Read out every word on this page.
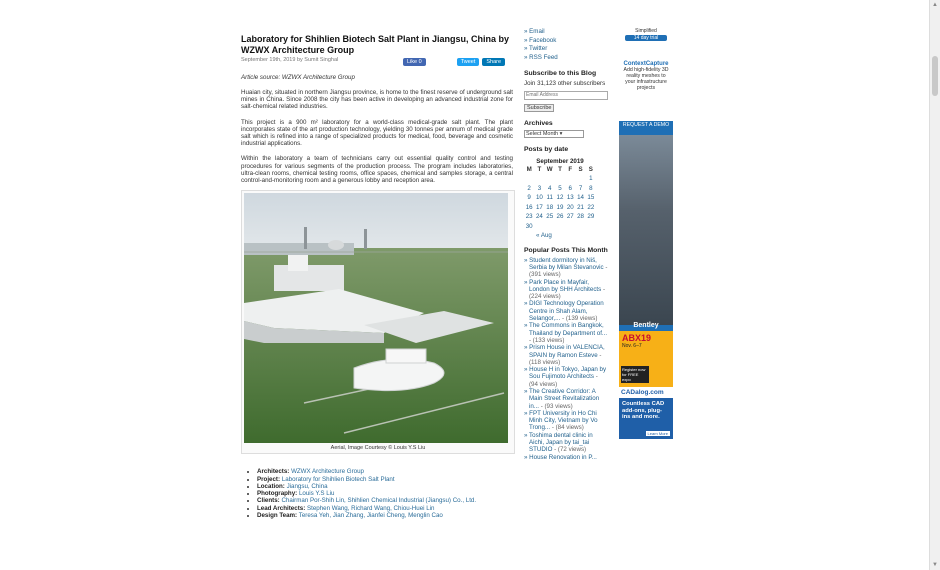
▲
▼
Laboratory for Shihlien Biotech Salt Plant in Jiangsu, China by WZWX Architecture Group
September 19th, 2019 by Sumit Singhal	Like 0	Tweet	Share
Article source: WZWX Architecture Group

Huaian city, situated in northern Jiangsu province, is home to the finest reserve of underground salt mines in China. Since 2008 the city has been active in developing an advanced industrial zone for salt-chemical related industries.

This project is a 900 m² laboratory for a world-class medical-grade salt plant. The plant incorporates state of the art production technology, yielding 30 tonnes per annum of medical grade salt which is refined into a range of specialized products for medical, food, beverage and cosmetic industrial applications.

Within the laboratory a team of technicians carry out essential quality control and testing procedures for various segments of the production process. The program includes laboratories, ultra-clean rooms, chemical testing rooms, office spaces, chemical and samples storage, a central control-and-monitoring room and a generous lobby and reception area.

Aerial, Image Courtesy © Louis Y.S Liu
• Architects: WZWX Architecture Group
• Project: Laboratory for Shihlien Biotech Salt Plant
• Location: Jiangsu, China
• Photography: Louis Y.S Liu
• Clients: Chairman Por-Shih Lin, Shihlien Chemical Industrial (Jiangsu) Co., Ltd.
• Lead Architects: Stephen Wang, Richard Wang, Chiou-Huei Lin
• Design Team: Teresa Yeh, Jian Zhang, Jianfei Cheng, Menglin Cao
» Email
» Facebook
» Twitter
» RSS Feed
Subscribe to this Blog
Join 31,123 other subscribers
Email Address
Subscribe
Archives
Select Month ▾
Posts by date
September 2019
M	T	W	T	F	S	S
						1
2	3	4	5	6	7	8
9	10	11	12	13	14	15
16	17	18	19	20	21	22
23	24	25	26	27	28	29
30						
« Aug
Popular Posts This Month

» Student dormitory in Niš, Serbia by Milan Stevanovic - (391 views)

» Park Place in Mayfair, London by SHH Architects - (224 views)

» DIGI Technology Operation Centre in Shah Alam, Selangor,... - (139 views)

» The Commons in Bangkok, Thailand by Department of... - (133 views)

» Prism House in VALENCIA, SPAIN by Ramon Esteve - (118 views)

» House H in Tokyo, Japan by Sou Fujimoto Architects - (94 views)

» The Creative Corridor: A Main Street Revitalization in... - (93 views)

» FPT University in Ho Chi Minh City, Vietnam by Vo Trong... - (84 views)

» Toshima dental clinic in Aichi, Japan by tai_tai STUDIO - (72 views)

» House Renovation in P...

Simplified
14 day trial
ContextCapture
Add high-fidelity 3D reality meshes to your infrastructure projects
REQUEST A DEMO
Bentley
ABX19
Nov. 6–7
Register now for FREE expo
CADalog.com
Countless CAD add-ons, plug-ins and more.
Learn More
